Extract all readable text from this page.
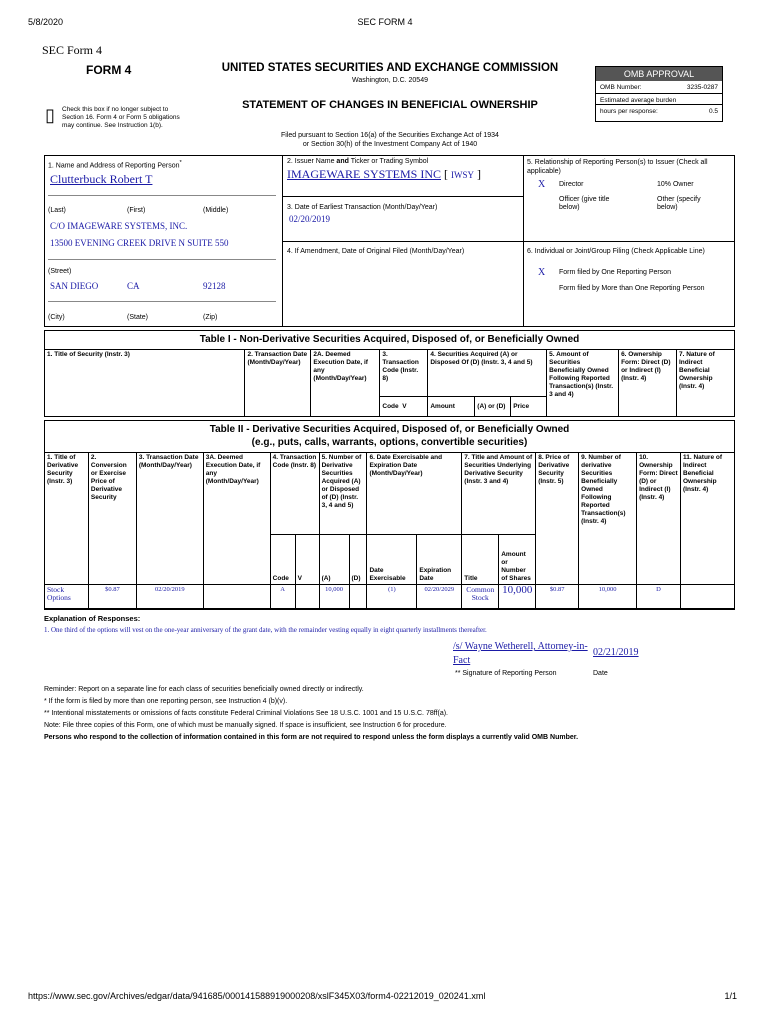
5/8/2020	SEC FORM 4
SEC Form 4
FORM 4	UNITED STATES SECURITIES AND EXCHANGE COMMISSION
Washington, D.C. 20549
STATEMENT OF CHANGES IN BENEFICIAL OWNERSHIP
Filed pursuant to Section 16(a) of the Securities Exchange Act of 1934
or Section 30(h) of the Investment Company Act of 1940
▯ Check this box if no longer subject to Section 16. Form 4 or Form 5 obligations may continue. See Instruction 1(b).
OMB APPROVAL
OMB Number:	3235-0287
Estimated average burden
hours per response:	0.5
1. Name and Address of Reporting Person*
Clutterbuck Robert T
(Last)	(First)	(Middle)
C/O IMAGEWARE SYSTEMS, INC.
13500 EVENING CREEK DRIVE N SUITE 550
(Street)
SAN DIEGO	CA	92128
(City)	(State)	(Zip)
2. Issuer Name and Ticker or Trading Symbol
IMAGEWARE SYSTEMS INC [ IWSY ]
3. Date of Earliest Transaction (Month/Day/Year)
02/20/2019
4. If Amendment, Date of Original Filed (Month/Day/Year)
5. Relationship of Reporting Person(s) to Issuer (Check all applicable)
X Director	10% Owner
Officer (give title below)
Other (specify below)
6. Individual or Joint/Group Filing (Check Applicable Line)
X Form filed by One Reporting Person
Form filed by More than One Reporting Person
Table I - Non-Derivative Securities Acquired, Disposed of, or Beneficially Owned
1. Title of Security (Instr. 3)	2. Transaction Date (Month/Day/Year)	2A. Deemed Execution Date, if any (Month/Day/Year)	3. Transaction Code (Instr. 8)	4. Securities Acquired (A) or Disposed Of (D) (Instr. 3, 4 and 5)			5. Amount of Securities Beneficially Owned Following Reported Transaction(s) (Instr. 3 and 4)	6. Ownership Form: Direct (D) or Indirect (I) (Instr. 4)	7. Nature of Indirect Beneficial Ownership (Instr. 4)
			Code V	Amount	(A) or (D)	Price			
Table II - Derivative Securities Acquired, Disposed of, or Beneficially Owned
(e.g., puts, calls, warrants, options, convertible securities)
1. Title of Derivative Security (Instr. 3)	2. Conversion or Exercise Price of Derivative Security	3. Transaction Date (Month/Day/Year)	3A. Deemed Execution Date, if any (Month/Day/Year)	4. Transaction Code (Instr. 8)		5. Number of Derivative Securities Acquired (A) or Disposed of (D) (Instr. 3, 4 and 5)		6. Date Exercisable and Expiration Date (Month/Day/Year)		7. Title and Amount of Securities Underlying Derivative Security (Instr. 3 and 4)		8. Price of Derivative Security (Instr. 5)	9. Number of derivative Securities Beneficially Owned Following Reported Transaction(s) (Instr. 4)	10. Ownership Form: Direct (D) or Indirect (I) (Instr. 4)	11. Nature of Indirect Beneficial Ownership (Instr. 4)
				Code	V	(A)	(D)	Date Exercisable	Expiration Date	Title	Amount or Number of Shares				
Stock Options	$0.87	02/20/2019		A		10,000		(1)	02/20/2029	Common Stock	10,000	$0.87	10,000	D	
Explanation of Responses:
1. One third of the options will vest on the one-year anniversary of the grant date, with the remainder vesting equally in eight quarterly installments thereafter.
/s/ Wayne Wetherell, Attorney-in-Fact
02/21/2019
** Signature of Reporting Person	Date
Reminder: Report on a separate line for each class of securities beneficially owned directly or indirectly.
* If the form is filed by more than one reporting person, see Instruction 4 (b)(v).
** Intentional misstatements or omissions of facts constitute Federal Criminal Violations See 18 U.S.C. 1001 and 15 U.S.C. 78ff(a).
Note: File three copies of this Form, one of which must be manually signed. If space is insufficient, see Instruction 6 for procedure.
Persons who respond to the collection of information contained in this form are not required to respond unless the form displays a currently valid OMB Number.
https://www.sec.gov/Archives/edgar/data/941685/000141588919000208/xslF345X03/form4-02212019_020241.xml	1/1
